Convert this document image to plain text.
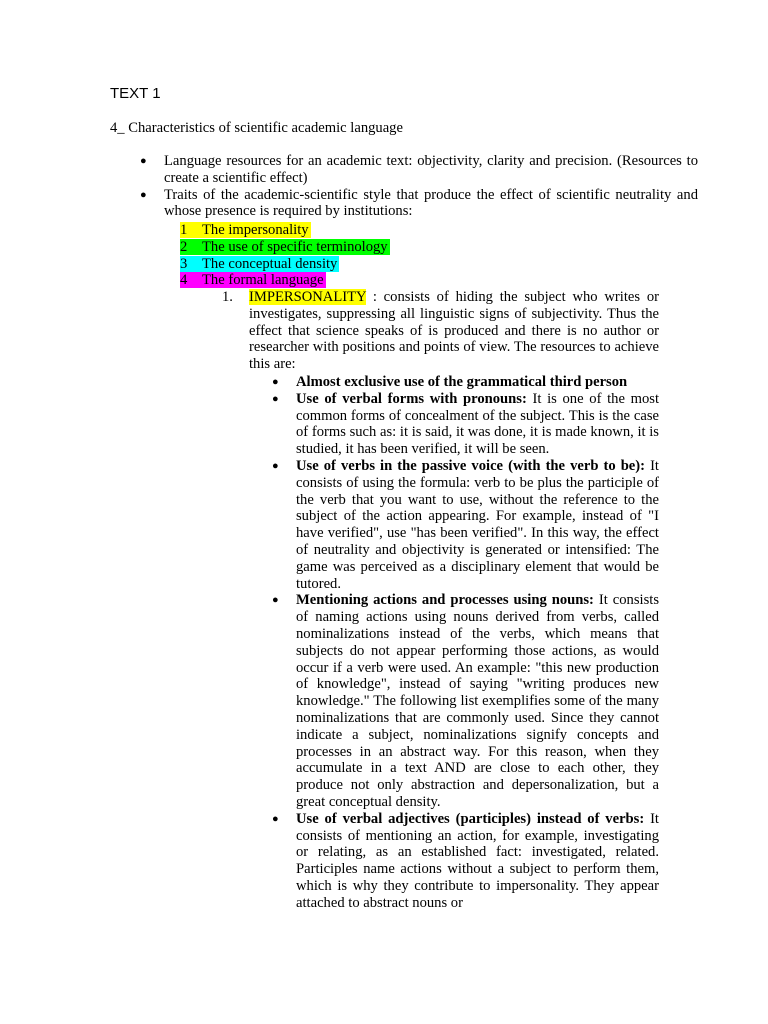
TEXT 1
4_ Characteristics of scientific academic language
● Language resources for an academic text: objectivity, clarity and precision. (Resources to create a scientific effect)
● Traits of the academic-scientific style that produce the effect of scientific neutrality and whose presence is required by institutions:
1 The impersonality
2 The use of specific terminology
3 The conceptual density
4 The formal language
1. IMPERSONALITY : consists of hiding the subject who writes or investigates, suppressing all linguistic signs of subjectivity. Thus the effect that science speaks of is produced and there is no author or researcher with positions and points of view. The resources to achieve this are:
● Almost exclusive use of the grammatical third person
● Use of verbal forms with pronouns: It is one of the most common forms of concealment of the subject. This is the case of forms such as: it is said, it was done, it is made known, it is studied, it has been verified, it will be seen.
● Use of verbs in the passive voice (with the verb to be): It consists of using the formula: verb to be plus the participle of the verb that you want to use, without the reference to the subject of the action appearing. For example, instead of "I have verified", use "has been verified". In this way, the effect of neutrality and objectivity is generated or intensified: The game was perceived as a disciplinary element that would be tutored.
● Mentioning actions and processes using nouns: It consists of naming actions using nouns derived from verbs, called nominalizations instead of the verbs, which means that subjects do not appear performing those actions, as would occur if a verb were used. An example: "this new production of knowledge", instead of saying "writing produces new knowledge." The following list exemplifies some of the many nominalizations that are commonly used. Since they cannot indicate a subject, nominalizations signify concepts and processes in an abstract way. For this reason, when they accumulate in a text AND are close to each other, they produce not only abstraction and depersonalization, but a great conceptual density.
● Use of verbal adjectives (participles) instead of verbs: It consists of mentioning an action, for example, investigating or relating, as an established fact: investigated, related. Participles name actions without a subject to perform them, which is why they contribute to impersonality. They appear attached to abstract nouns or
